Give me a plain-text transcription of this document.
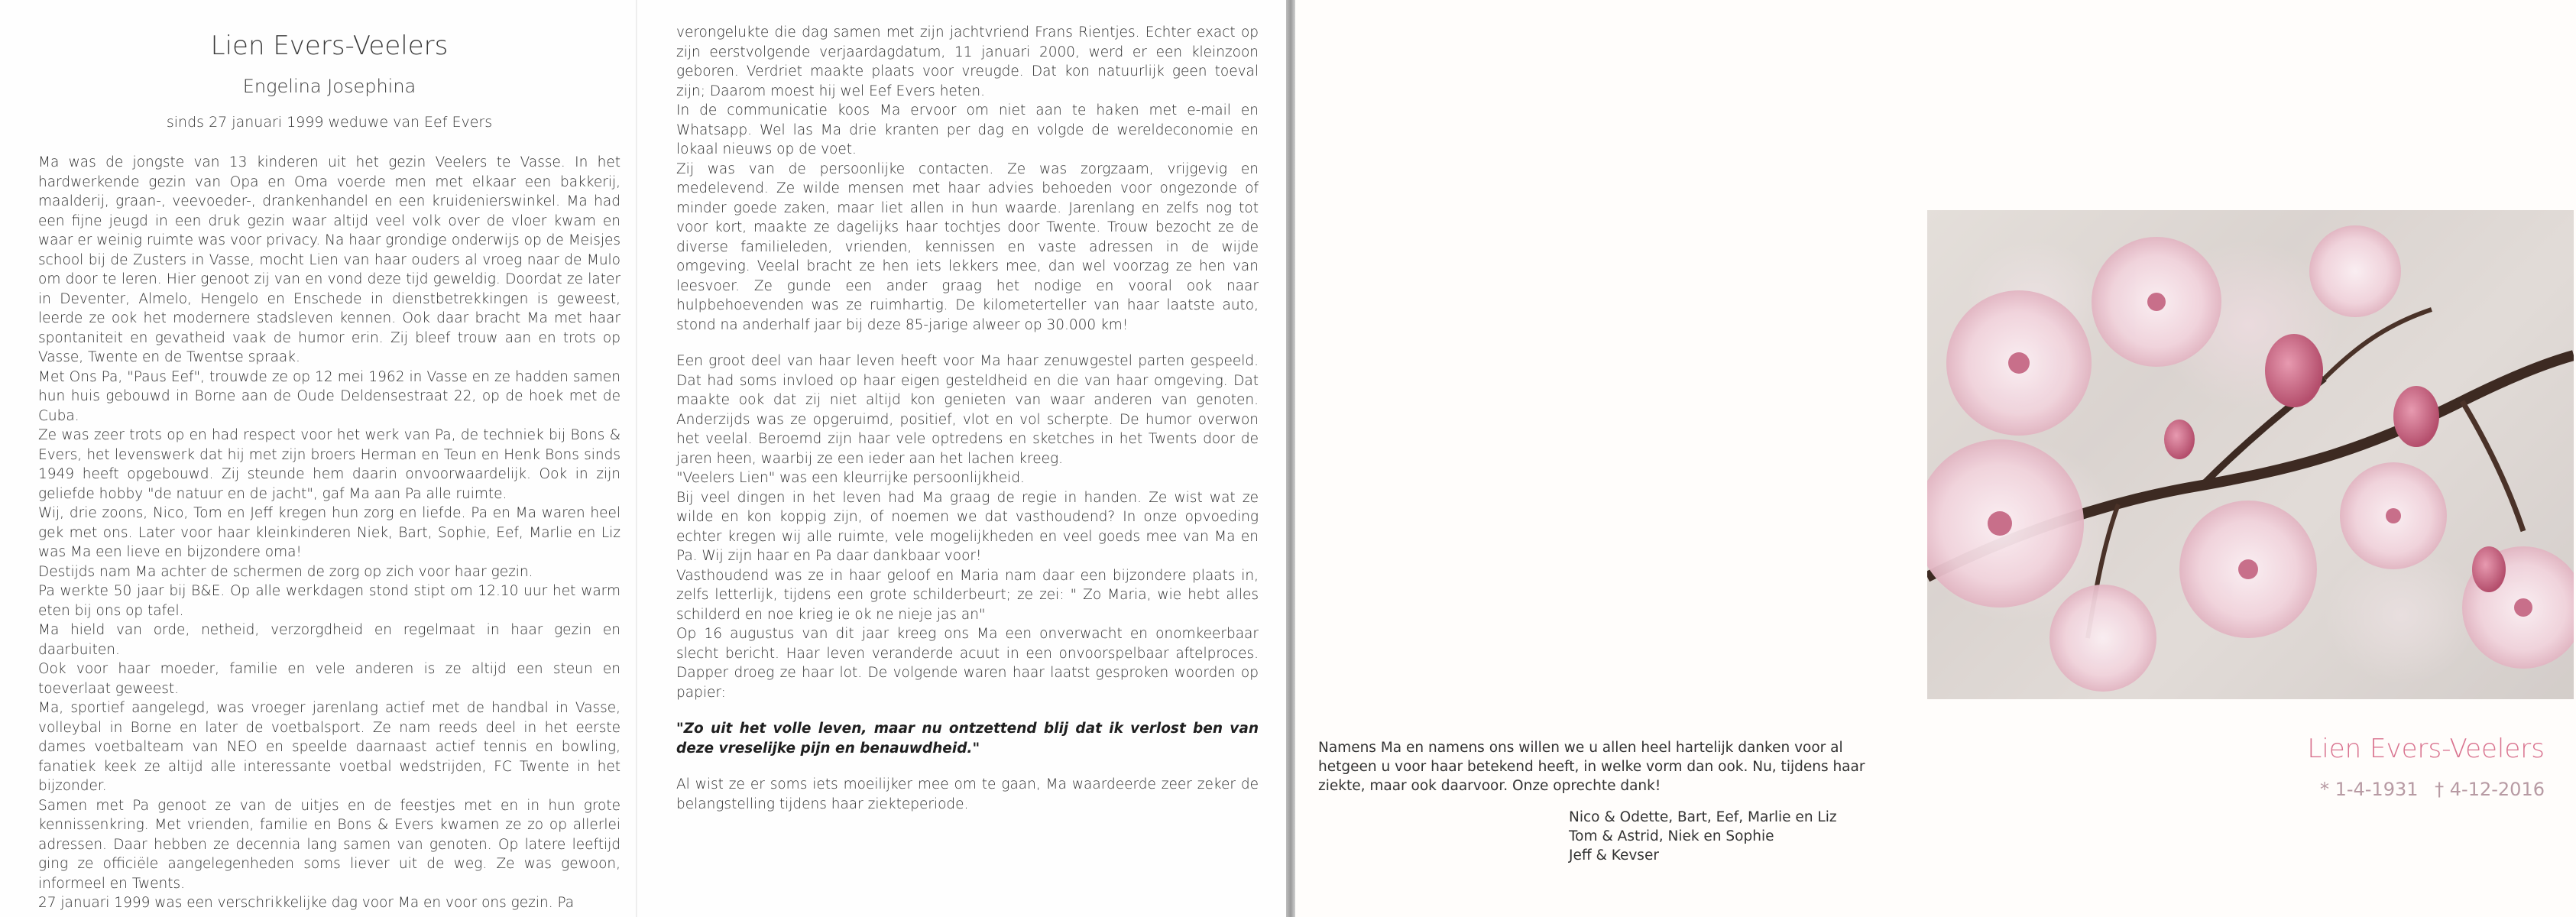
Lien Evers-Veelers
Engelina Josephina
sinds 27 januari 1999 weduwe van Eef Evers

Ma was de jongste van 13 kinderen uit het gezin Veelers te Vasse. In het hardwerkende gezin van Opa en Oma voerde men met elkaar een bakkerij, maalderij, graan-, veevoeder-, drankenhandel en een kruidenierswinkel. Ma had een fijne jeugd in een druk gezin waar altijd veel volk over de vloer kwam en waar er weinig ruimte was voor privacy. Na haar grondige onderwijs op de Meisjes school bij de Zusters in Vasse, mocht Lien van haar ouders al vroeg naar de Mulo om door te leren. Hier genoot zij van en vond deze tijd geweldig. Doordat ze later in Deventer, Almelo, Hengelo en Enschede in dienstbetrekkingen is geweest, leerde ze ook het modernere stadsleven kennen. Ook daar bracht Ma met haar spontaniteit en gevatheid vaak de humor erin. Zij bleef trouw aan en trots op Vasse, Twente en de Twentse spraak.

Met Ons Pa, "Paus Eef", trouwde ze op 12 mei 1962 in Vasse en ze hadden samen hun huis gebouwd in Borne aan de Oude Deldensestraat 22, op de hoek met de Cuba.

Ze was zeer trots op en had respect voor het werk van Pa, de techniek bij Bons & Evers, het levenswerk dat hij met zijn broers Herman en Teun en Henk Bons sinds 1949 heeft opgebouwd. Zij steunde hem daarin onvoorwaardelijk. Ook in zijn geliefde hobby "de natuur en de jacht", gaf Ma aan Pa alle ruimte.

Wij, drie zoons, Nico, Tom en Jeff kregen hun zorg en liefde. Pa en Ma waren heel gek met ons. Later voor haar kleinkinderen Niek, Bart, Sophie, Eef, Marlie en Liz was Ma een lieve en bijzondere oma!

Destijds nam Ma achter de schermen de zorg op zich voor haar gezin.

Pa werkte 50 jaar bij B&E. Op alle werkdagen stond stipt om 12.10 uur het warm eten bij ons op tafel.

Ma hield van orde, netheid, verzorgdheid en regelmaat in haar gezin en daarbuiten.

Ook voor haar moeder, familie en vele anderen is ze altijd een steun en toeverlaat geweest.

Ma, sportief aangelegd, was vroeger jarenlang actief met de handbal in Vasse, volleybal in Borne en later de voetbalsport. Ze nam reeds deel in het eerste dames voetbalteam van NEO en speelde daarnaast actief tennis en bowling, fanatiek keek ze altijd alle interessante voetbal wedstrijden, FC Twente in het bijzonder.

Samen met Pa genoot ze van de uitjes en de feestjes met en in hun grote kennissenkring. Met vrienden, familie en Bons & Evers kwamen ze zo op allerlei adressen. Daar hebben ze decennia lang samen van genoten. Op latere leeftijd ging ze officiële aangelegenheden soms liever uit de weg. Ze was gewoon, informeel en Twents.

27 januari 1999 was een verschrikkelijke dag voor Ma en voor ons gezin. Pa

verongelukte die dag samen met zijn jachtvriend Frans Rientjes. Echter exact op zijn eerstvolgende verjaardagdatum, 11 januari 2000, werd er een kleinzoon geboren. Verdriet maakte plaats voor vreugde. Dat kon natuurlijk geen toeval zijn; Daarom moest hij wel Eef Evers heten.

In de communicatie koos Ma ervoor om niet aan te haken met e-mail en Whatsapp. Wel las Ma drie kranten per dag en volgde de wereldeconomie en lokaal nieuws op de voet.

Zij was van de persoonlijke contacten. Ze was zorgzaam, vrijgevig en medelevend. Ze wilde mensen met haar advies behoeden voor ongezonde of minder goede zaken, maar liet allen in hun waarde. Jarenlang en zelfs nog tot voor kort, maakte ze dagelijks haar tochtjes door Twente. Trouw bezocht ze de diverse familieleden, vrienden, kennissen en vaste adressen in de wijde omgeving. Veelal bracht ze hen iets lekkers mee, dan wel voorzag ze hen van leesvoer. Ze gunde een ander graag het nodige en vooral ook naar hulpbehoevenden was ze ruimhartig. De kilometerteller van haar laatste auto, stond na anderhalf jaar bij deze 85-jarige alweer op 30.000 km!

Een groot deel van haar leven heeft voor Ma haar zenuwgestel parten gespeeld. Dat had soms invloed op haar eigen gesteldheid en die van haar omgeving. Dat maakte ook dat zij niet altijd kon genieten van waar anderen van genoten. Anderzijds was ze opgeruimd, positief, vlot en vol scherpte. De humor overwon het veelal. Beroemd zijn haar vele optredens en sketches in het Twents door de jaren heen, waarbij ze een ieder aan het lachen kreeg.

"Veelers Lien" was een kleurrijke persoonlijkheid.

Bij veel dingen in het leven had Ma graag de regie in handen. Ze wist wat ze wilde en kon koppig zijn, of noemen we dat vasthoudend? In onze opvoeding echter kregen wij alle ruimte, vele mogelijkheden en veel goeds mee van Ma en Pa. Wij zijn haar en Pa daar dankbaar voor!

Vasthoudend was ze in haar geloof en Maria nam daar een bijzondere plaats in, zelfs letterlijk, tijdens een grote schilderbeurt; ze zei: " Zo Maria, wie hebt alles schilderd en noe krieg ie ok ne nieje jas an"

Op 16 augustus van dit jaar kreeg ons Ma een onverwacht en onomkeerbaar slecht bericht. Haar leven veranderde acuut in een onvoorspelbaar aftelproces. Dapper droeg ze haar lot. De volgende waren haar laatst gesproken woorden op papier:

"Zo uit het volle leven, maar nu ontzettend blij dat ik verlost ben van deze vreselijke pijn en benauwdheid."

Al wist ze er soms iets moeilijker mee om te gaan, Ma waardeerde zeer zeker de belangstelling tijdens haar ziekteperiode.

Namens Ma en namens ons willen we u allen heel hartelijk danken voor al hetgeen u voor haar betekend heeft, in welke vorm dan ook. Nu, tijdens haar ziekte, maar ook daarvoor. Onze oprechte dank!

Nico & Odette, Bart, Eef, Marlie en Liz
Tom & Astrid, Niek en Sophie
Jeff & Kevser
Lien Evers-Veelers
* 1-4-1931 † 4-12-2016
